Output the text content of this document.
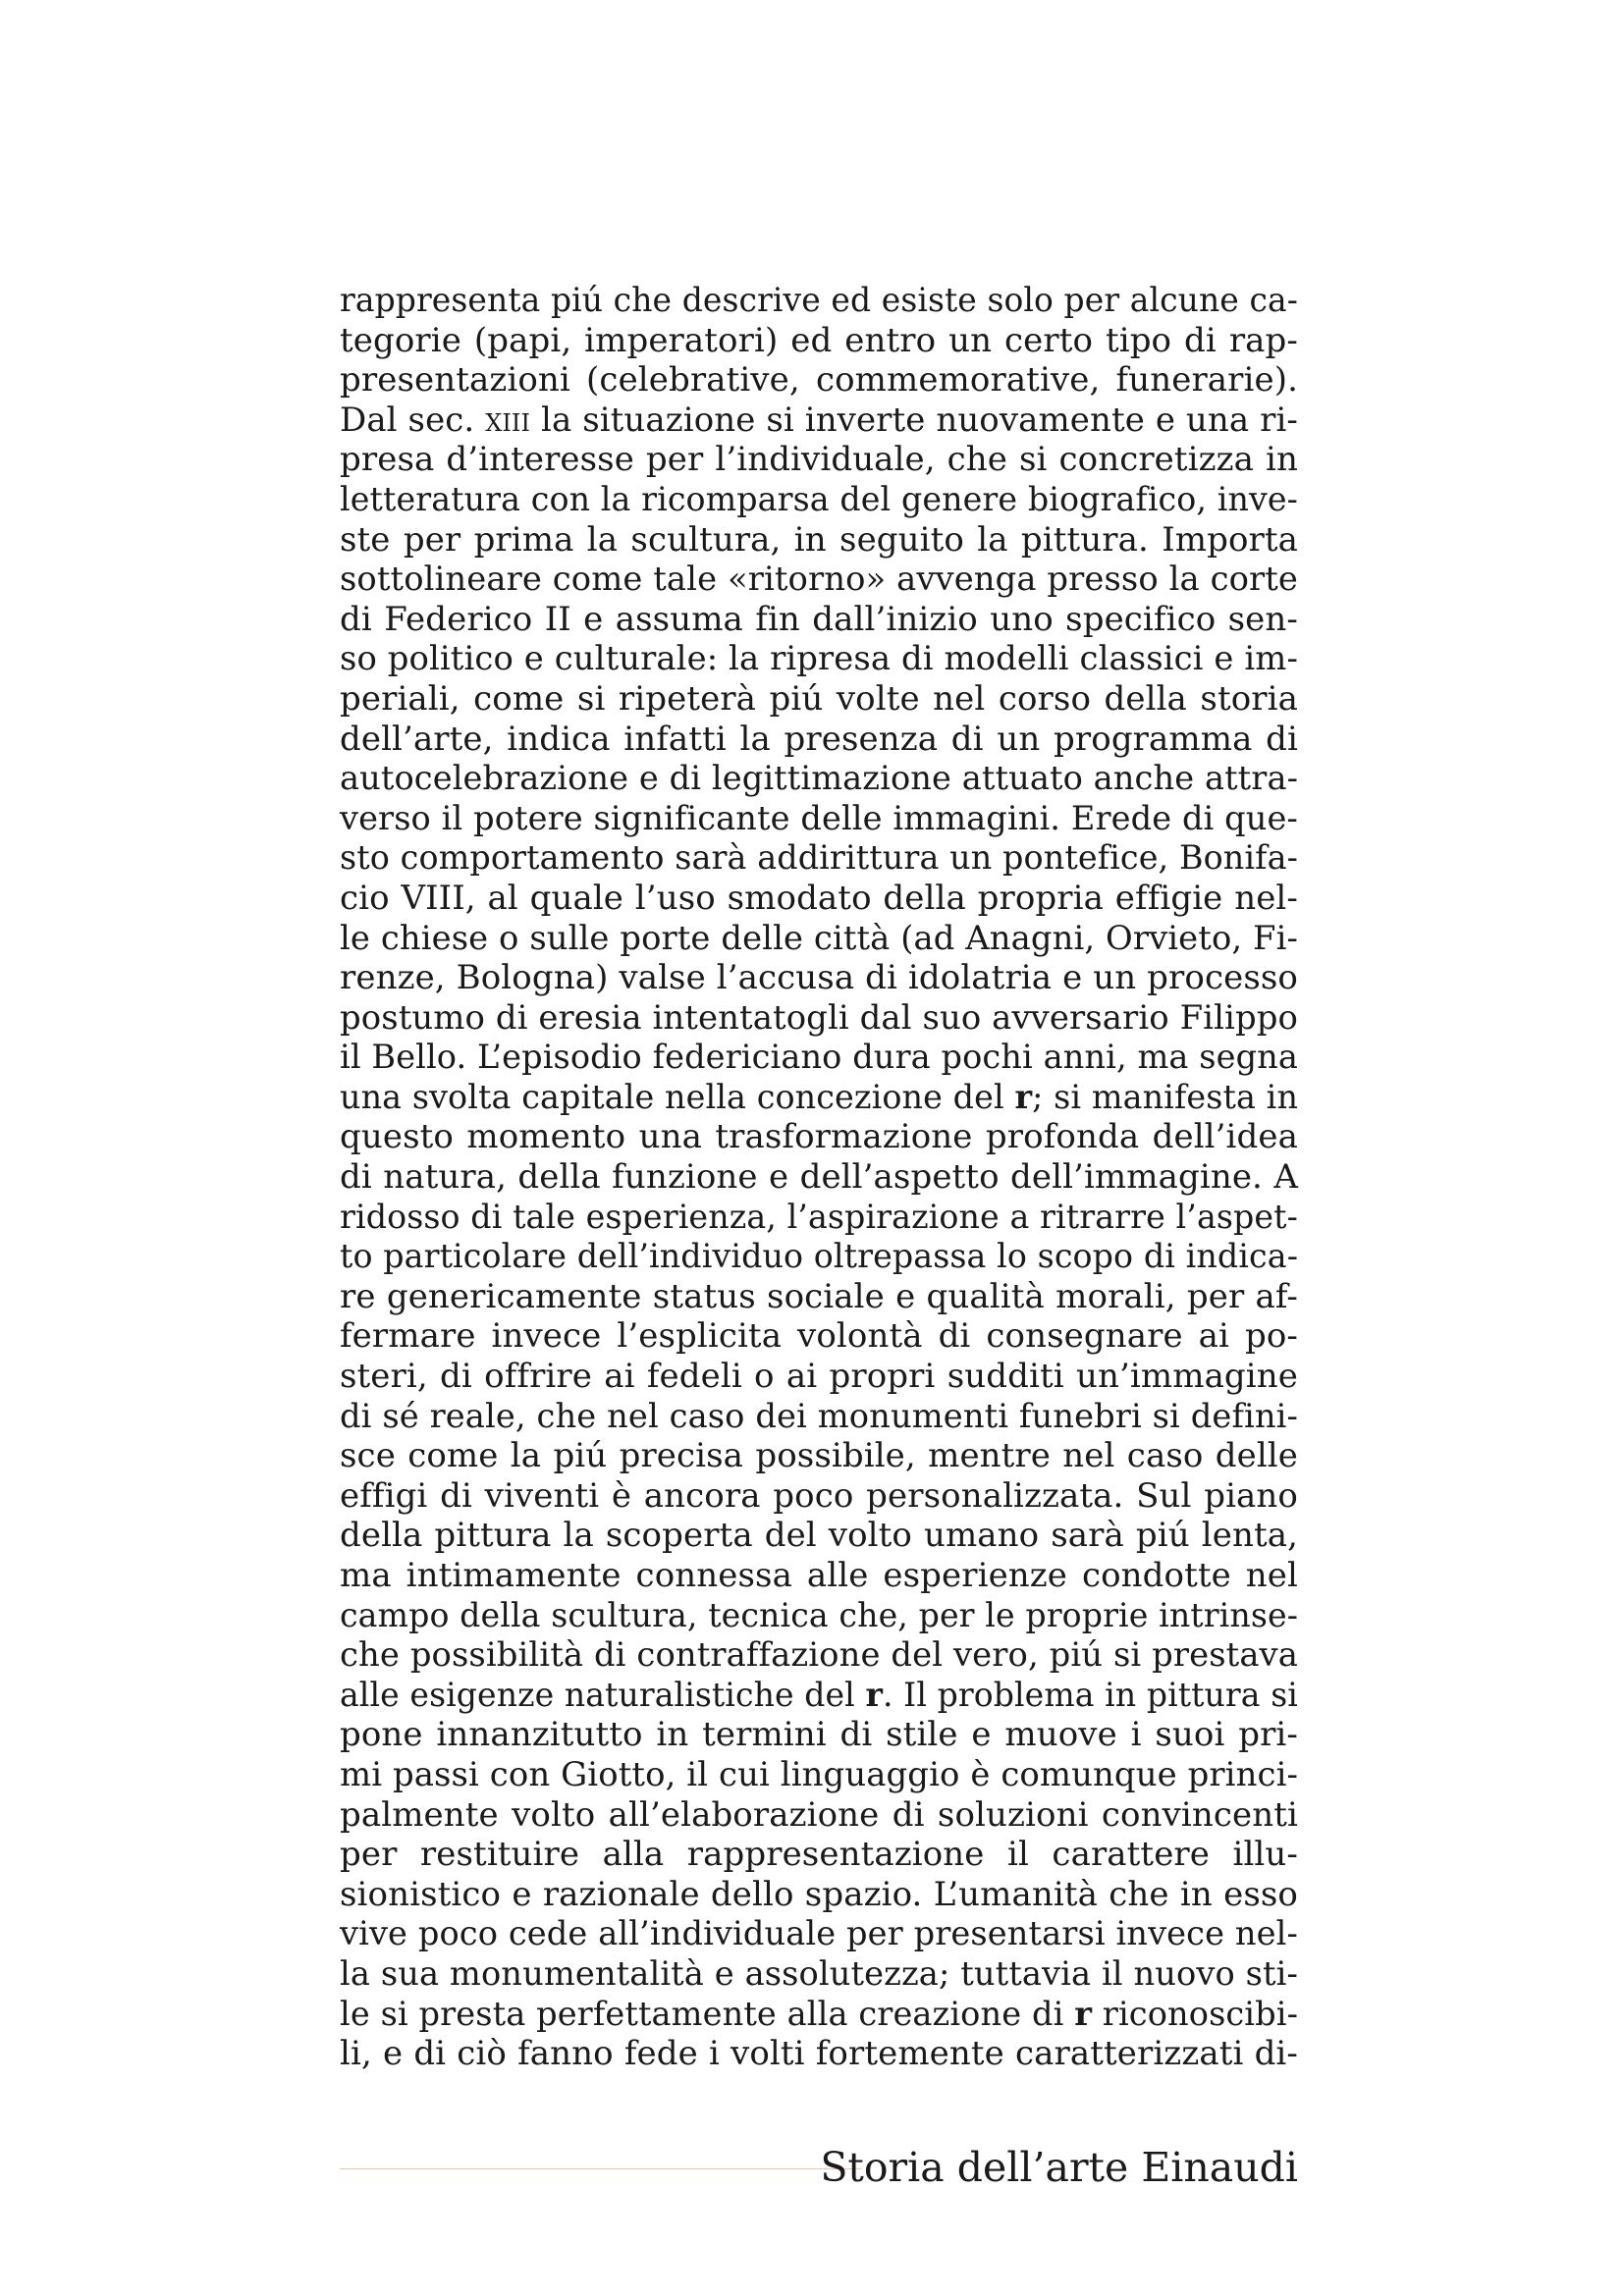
rappresenta piú che descrive ed esiste solo per alcune ca-
tegorie (papi, imperatori) ed entro un certo tipo di rap-
presentazioni (celebrative, commemorative, funerarie).
Dal sec. xiii la situazione si inverte nuovamente e una ri-
presa d’interesse per l’individuale, che si concretizza in
letteratura con la ricomparsa del genere biografico, inve-
ste per prima la scultura, in seguito la pittura. Importa
sottolineare come tale «ritorno» avvenga presso la corte
di Federico II e assuma fin dall’inizio uno specifico sen-
so politico e culturale: la ripresa di modelli classici e im-
periali, come si ripeterà piú volte nel corso della storia
dell’arte, indica infatti la presenza di un programma di
autocelebrazione e di legittimazione attuato anche attra-
verso il potere significante delle immagini. Erede di que-
sto comportamento sarà addirittura un pontefice, Bonifa-
cio VIII, al quale l’uso smodato della propria effigie nel-
le chiese o sulle porte delle città (ad Anagni, Orvieto, Fi-
renze, Bologna) valse l’accusa di idolatria e un processo
postumo di eresia intentatogli dal suo avversario Filippo
il Bello. L’episodio federiciano dura pochi anni, ma segna
una svolta capitale nella concezione del r; si manifesta in
questo momento una trasformazione profonda dell’idea
di natura, della funzione e dell’aspetto dell’immagine. A
ridosso di tale esperienza, l’aspirazione a ritrarre l’aspet-
to particolare dell’individuo oltrepassa lo scopo di indica-
re genericamente status sociale e qualità morali, per af-
fermare invece l’esplicita volontà di consegnare ai po-
steri, di offrire ai fedeli o ai propri sudditi un’immagine
di sé reale, che nel caso dei monumenti funebri si defini-
sce come la piú precisa possibile, mentre nel caso delle
effigi di viventi è ancora poco personalizzata. Sul piano
della pittura la scoperta del volto umano sarà piú lenta,
ma intimamente connessa alle esperienze condotte nel
campo della scultura, tecnica che, per le proprie intrinse-
che possibilità di contraffazione del vero, piú si prestava
alle esigenze naturalistiche del r. Il problema in pittura si
pone innanzitutto in termini di stile e muove i suoi pri-
mi passi con Giotto, il cui linguaggio è comunque princi-
palmente volto all’elaborazione di soluzioni convincenti
per restituire alla rappresentazione il carattere illu-
sionistico e razionale dello spazio. L’umanità che in esso
vive poco cede all’individuale per presentarsi invece nel-
la sua monumentalità e assolutezza; tuttavia il nuovo sti-
le si presta perfettamente alla creazione di r riconoscibi-
li, e di ciò fanno fede i volti fortemente caratterizzati di-
Storia dell’arte Einaudi
